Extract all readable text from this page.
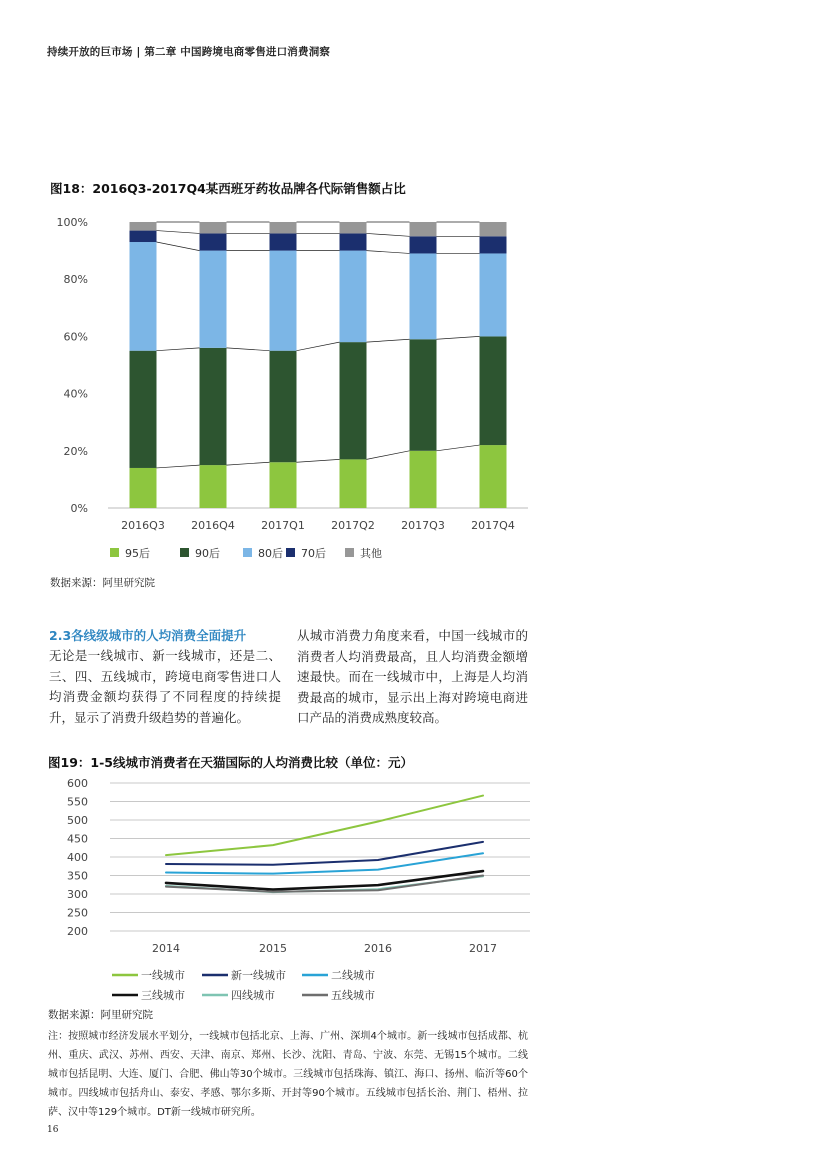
持续开放的巨市场 | 第二章 中国跨境电商零售进口消费洞察
图18：2016Q3-2017Q4某西班牙药妆品牌各代际销售额占比
0%
20%
40%
60%
80%
100%
2016Q3 2016Q4 2017Q1 2017Q2 2017Q3 2017Q4
95后	90后	80后 70后	其他
数据来源：阿里研究院
2.3各线级城市的人均消费全面提升
无论是一线城市、新一线城市，还是二、三、四、五线城市，跨境电商零售进口人均消费金额均获得了不同程度的持续提升，显示了消费升级趋势的普遍化。
从城市消费力角度来看，中国一线城市的消费者人均消费最高，且人均消费金额增速最快。而在一线城市中，上海是人均消费最高的城市，显示出上海对跨境电商进口产品的消费成熟度较高。
图19：1-5线城市消费者在天猫国际的人均消费比较（单位：元）
200
250
300
350
400
450
500
550
600
2014	2015	2016	2017
一线城市	新一线城市	二线城市
三线城市	四线城市	五线城市
数据来源：阿里研究院
注：按照城市经济发展水平划分，一线城市包括北京、上海、广州、深圳4个城市。新一线城市包括成都、杭州、重庆、武汉、苏州、西安、天津、南京、郑州、长沙、沈阳、青岛、宁波、东莞、无锡15个城市。二线城市包括昆明、大连、厦门、合肥、佛山等30个城市。三线城市包括珠海、镇江、海口、扬州、临沂等60个城市。四线城市包括舟山、泰安、孝感、鄂尔多斯、开封等90个城市。五线城市包括长治、荆门、梧州、拉萨、汉中等129个城市。DT新一线城市研究所。
16
